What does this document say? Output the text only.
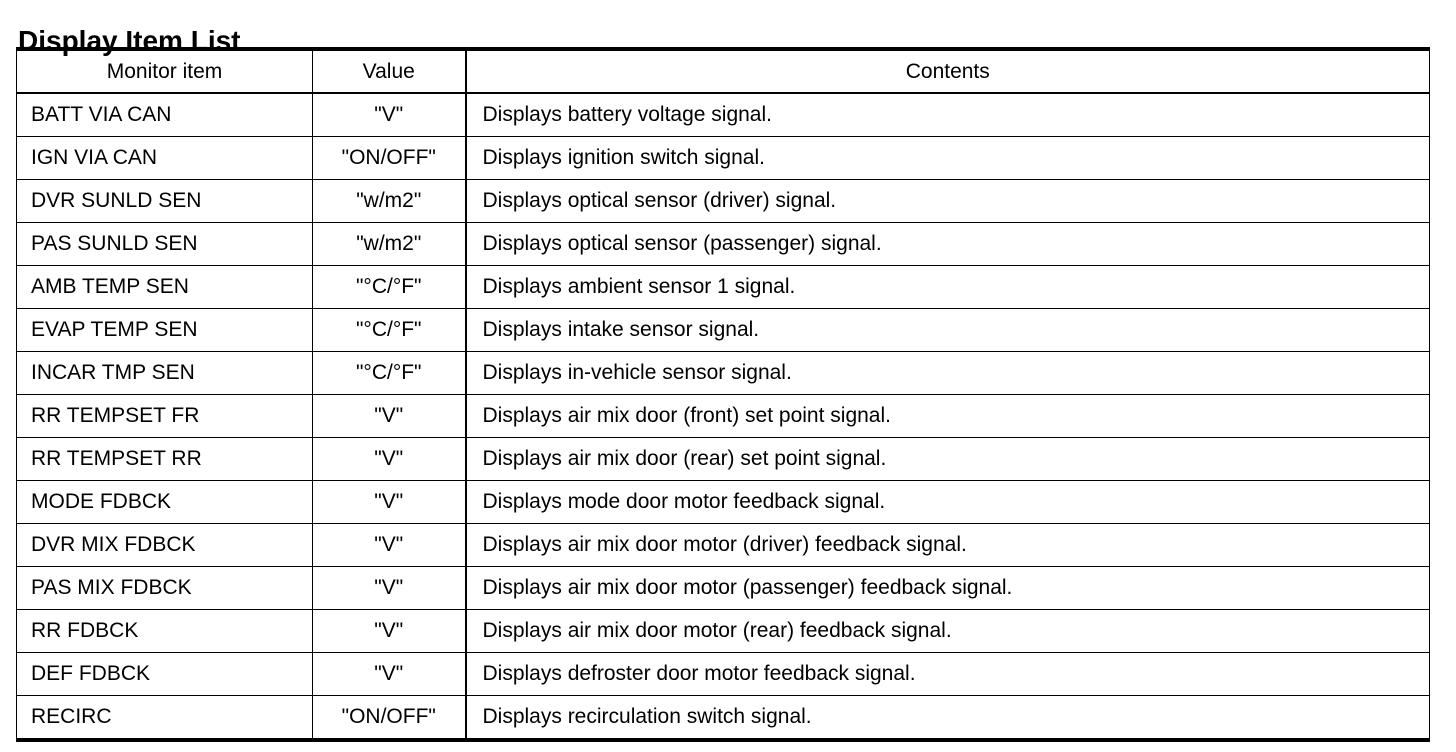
Display Item List
Monitor item	Value	Contents
BATT VIA CAN	"V"	Displays battery voltage signal.
IGN VIA CAN	"ON/OFF"	Displays ignition switch signal.
DVR SUNLD SEN	"w/m2"	Displays optical sensor (driver) signal.
PAS SUNLD SEN	"w/m2"	Displays optical sensor (passenger) signal.
AMB TEMP SEN	"°C/°F"	Displays ambient sensor 1 signal.
EVAP TEMP SEN	"°C/°F"	Displays intake sensor signal.
INCAR TMP SEN	"°C/°F"	Displays in-vehicle sensor signal.
RR TEMPSET FR	"V"	Displays air mix door (front) set point signal.
RR TEMPSET RR	"V"	Displays air mix door (rear) set point signal.
MODE FDBCK	"V"	Displays mode door motor feedback signal.
DVR MIX FDBCK	"V"	Displays air mix door motor (driver) feedback signal.
PAS MIX FDBCK	"V"	Displays air mix door motor (passenger) feedback signal.
RR FDBCK	"V"	Displays air mix door motor (rear) feedback signal.
DEF FDBCK	"V"	Displays defroster door motor feedback signal.
RECIRC	"ON/OFF"	Displays recirculation switch signal.
